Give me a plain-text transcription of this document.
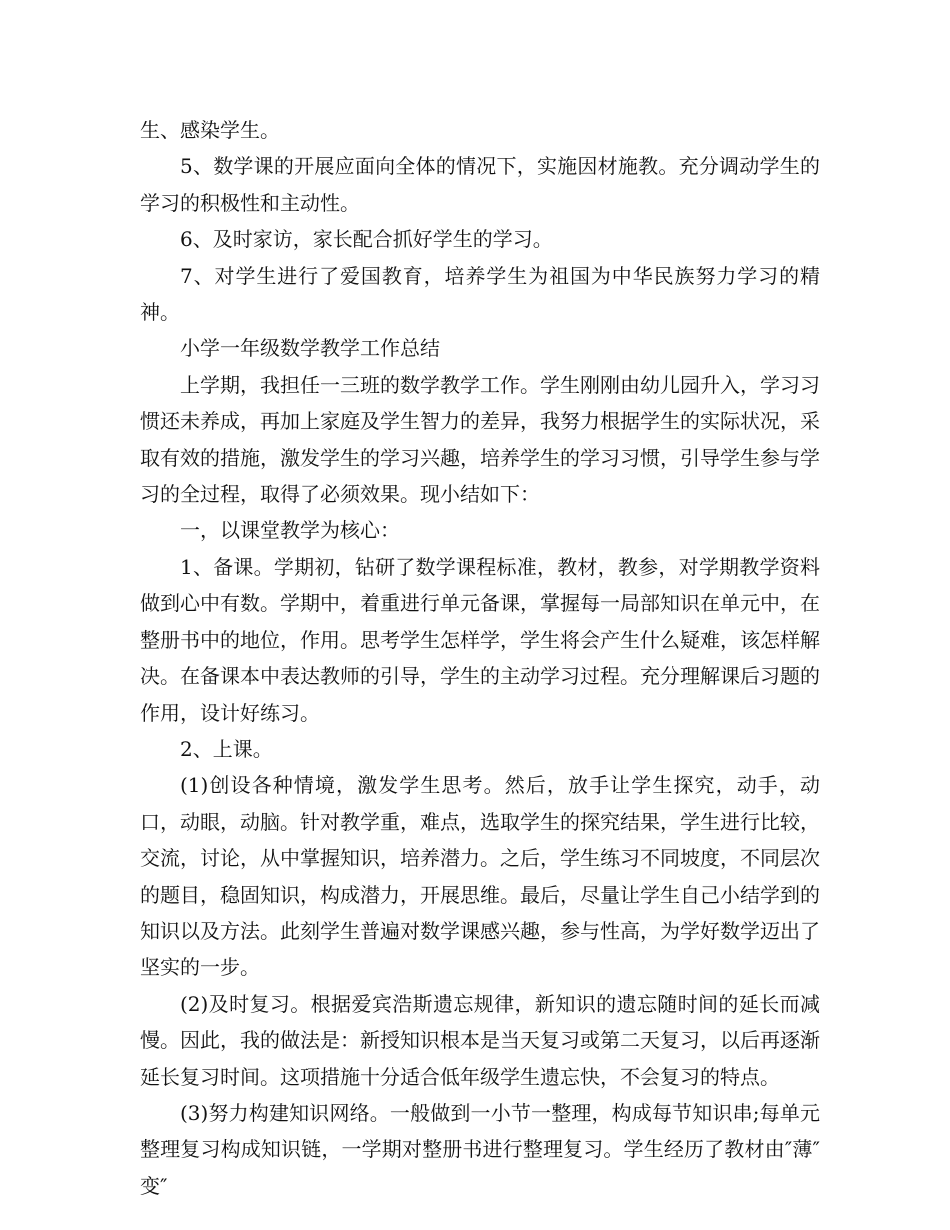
生、感染学生。

5、数学课的开展应面向全体的情况下，实施因材施教。充分调动学生的学习的积极性和主动性。

6、及时家访，家长配合抓好学生的学习。

7、对学生进行了爱国教育，培养学生为祖国为中华民族努力学习的精神。

小学一年级数学教学工作总结

上学期，我担任一三班的数学教学工作。学生刚刚由幼儿园升入，学习习惯还未养成，再加上家庭及学生智力的差异，我努力根据学生的实际状况，采取有效的措施，激发学生的学习兴趣，培养学生的学习习惯，引导学生参与学习的全过程，取得了必须效果。现小结如下：

一，以课堂教学为核心：

1、备课。学期初，钻研了数学课程标准，教材，教参，对学期教学资料做到心中有数。学期中，着重进行单元备课，掌握每一局部知识在单元中，在整册书中的地位，作用。思考学生怎样学，学生将会产生什么疑难，该怎样解决。在备课本中表达教师的引导，学生的主动学习过程。充分理解课后习题的作用，设计好练习。

2、上课。

(1)创设各种情境，激发学生思考。然后，放手让学生探究，动手，动口，动眼，动脑。针对教学重，难点，选取学生的探究结果，学生进行比较，交流，讨论，从中掌握知识，培养潜力。之后，学生练习不同坡度，不同层次的题目，稳固知识，构成潜力，开展思维。最后，尽量让学生自己小结学到的知识以及方法。此刻学生普遍对数学课感兴趣，参与性高，为学好数学迈出了坚实的一步。

(2)及时复习。根据爱宾浩斯遗忘规律，新知识的遗忘随时间的延长而减慢。因此，我的做法是：新授知识根本是当天复习或第二天复习，以后再逐渐延长复习时间。这项措施十分适合低年级学生遗忘快，不会复习的特点。

(3)努力构建知识网络。一般做到一小节一整理，构成每节知识串;每单元整理复习构成知识链，一学期对整册书进行整理复习。学生经历了教材由″薄″变″
